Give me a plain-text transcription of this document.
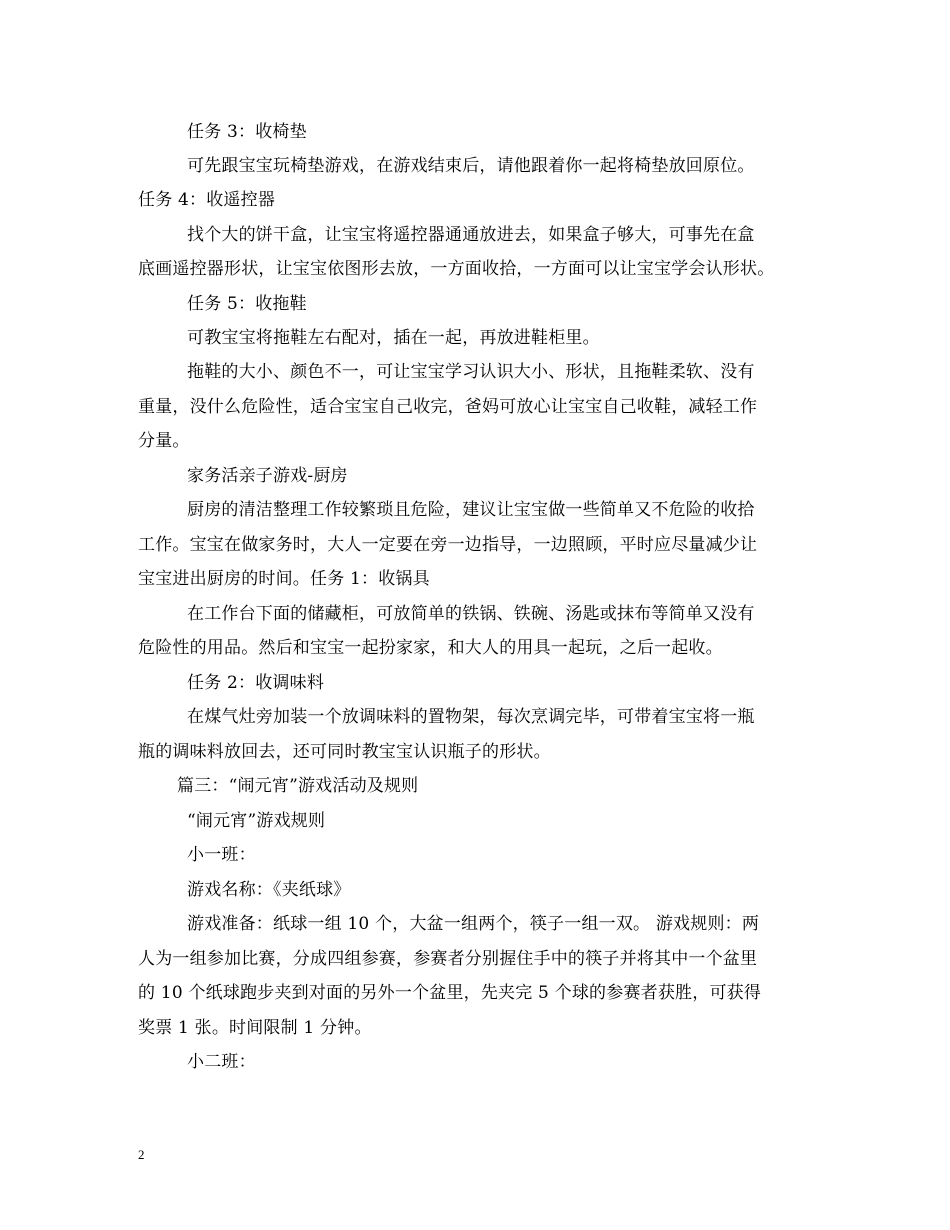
任务 3：收椅垫
可先跟宝宝玩椅垫游戏，在游戏结束后，请他跟着你一起将椅垫放回原位。
任务 4：收遥控器
找个大的饼干盒，让宝宝将遥控器通通放进去，如果盒子够大，可事先在盒
底画遥控器形状，让宝宝依图形去放，一方面收拾，一方面可以让宝宝学会认形状。
任务 5：收拖鞋
可教宝宝将拖鞋左右配对，插在一起，再放进鞋柜里。
拖鞋的大小、颜色不一，可让宝宝学习认识大小、形状，且拖鞋柔软、没有
重量，没什么危险性，适合宝宝自己收完，爸妈可放心让宝宝自己收鞋，减轻工作
分量。
家务活亲子游戏-厨房
厨房的清洁整理工作较繁琐且危险，建议让宝宝做一些简单又不危险的收拾
工作。宝宝在做家务时，大人一定要在旁一边指导，一边照顾，平时应尽量减少让
宝宝进出厨房的时间。任务 1：收锅具
在工作台下面的储藏柜，可放简单的铁锅、铁碗、汤匙或抹布等简单又没有
危险性的用品。然后和宝宝一起扮家家，和大人的用具一起玩，之后一起收。
任务 2：收调味料
在煤气灶旁加装一个放调味料的置物架，每次烹调完毕，可带着宝宝将一瓶
瓶的调味料放回去，还可同时教宝宝认识瓶子的形状。
篇三：“闹元宵”游戏活动及规则
“闹元宵”游戏规则
小一班：
游戏名称：《夹纸球》
游戏准备：纸球一组 10 个，大盆一组两个，筷子一组一双。 游戏规则：两
人为一组参加比赛，分成四组参赛，参赛者分别握住手中的筷子并将其中一个盆里
的 10 个纸球跑步夹到对面的另外一个盆里，先夹完 5 个球的参赛者获胜，可获得
奖票 1 张。时间限制 1 分钟。
小二班：
2
